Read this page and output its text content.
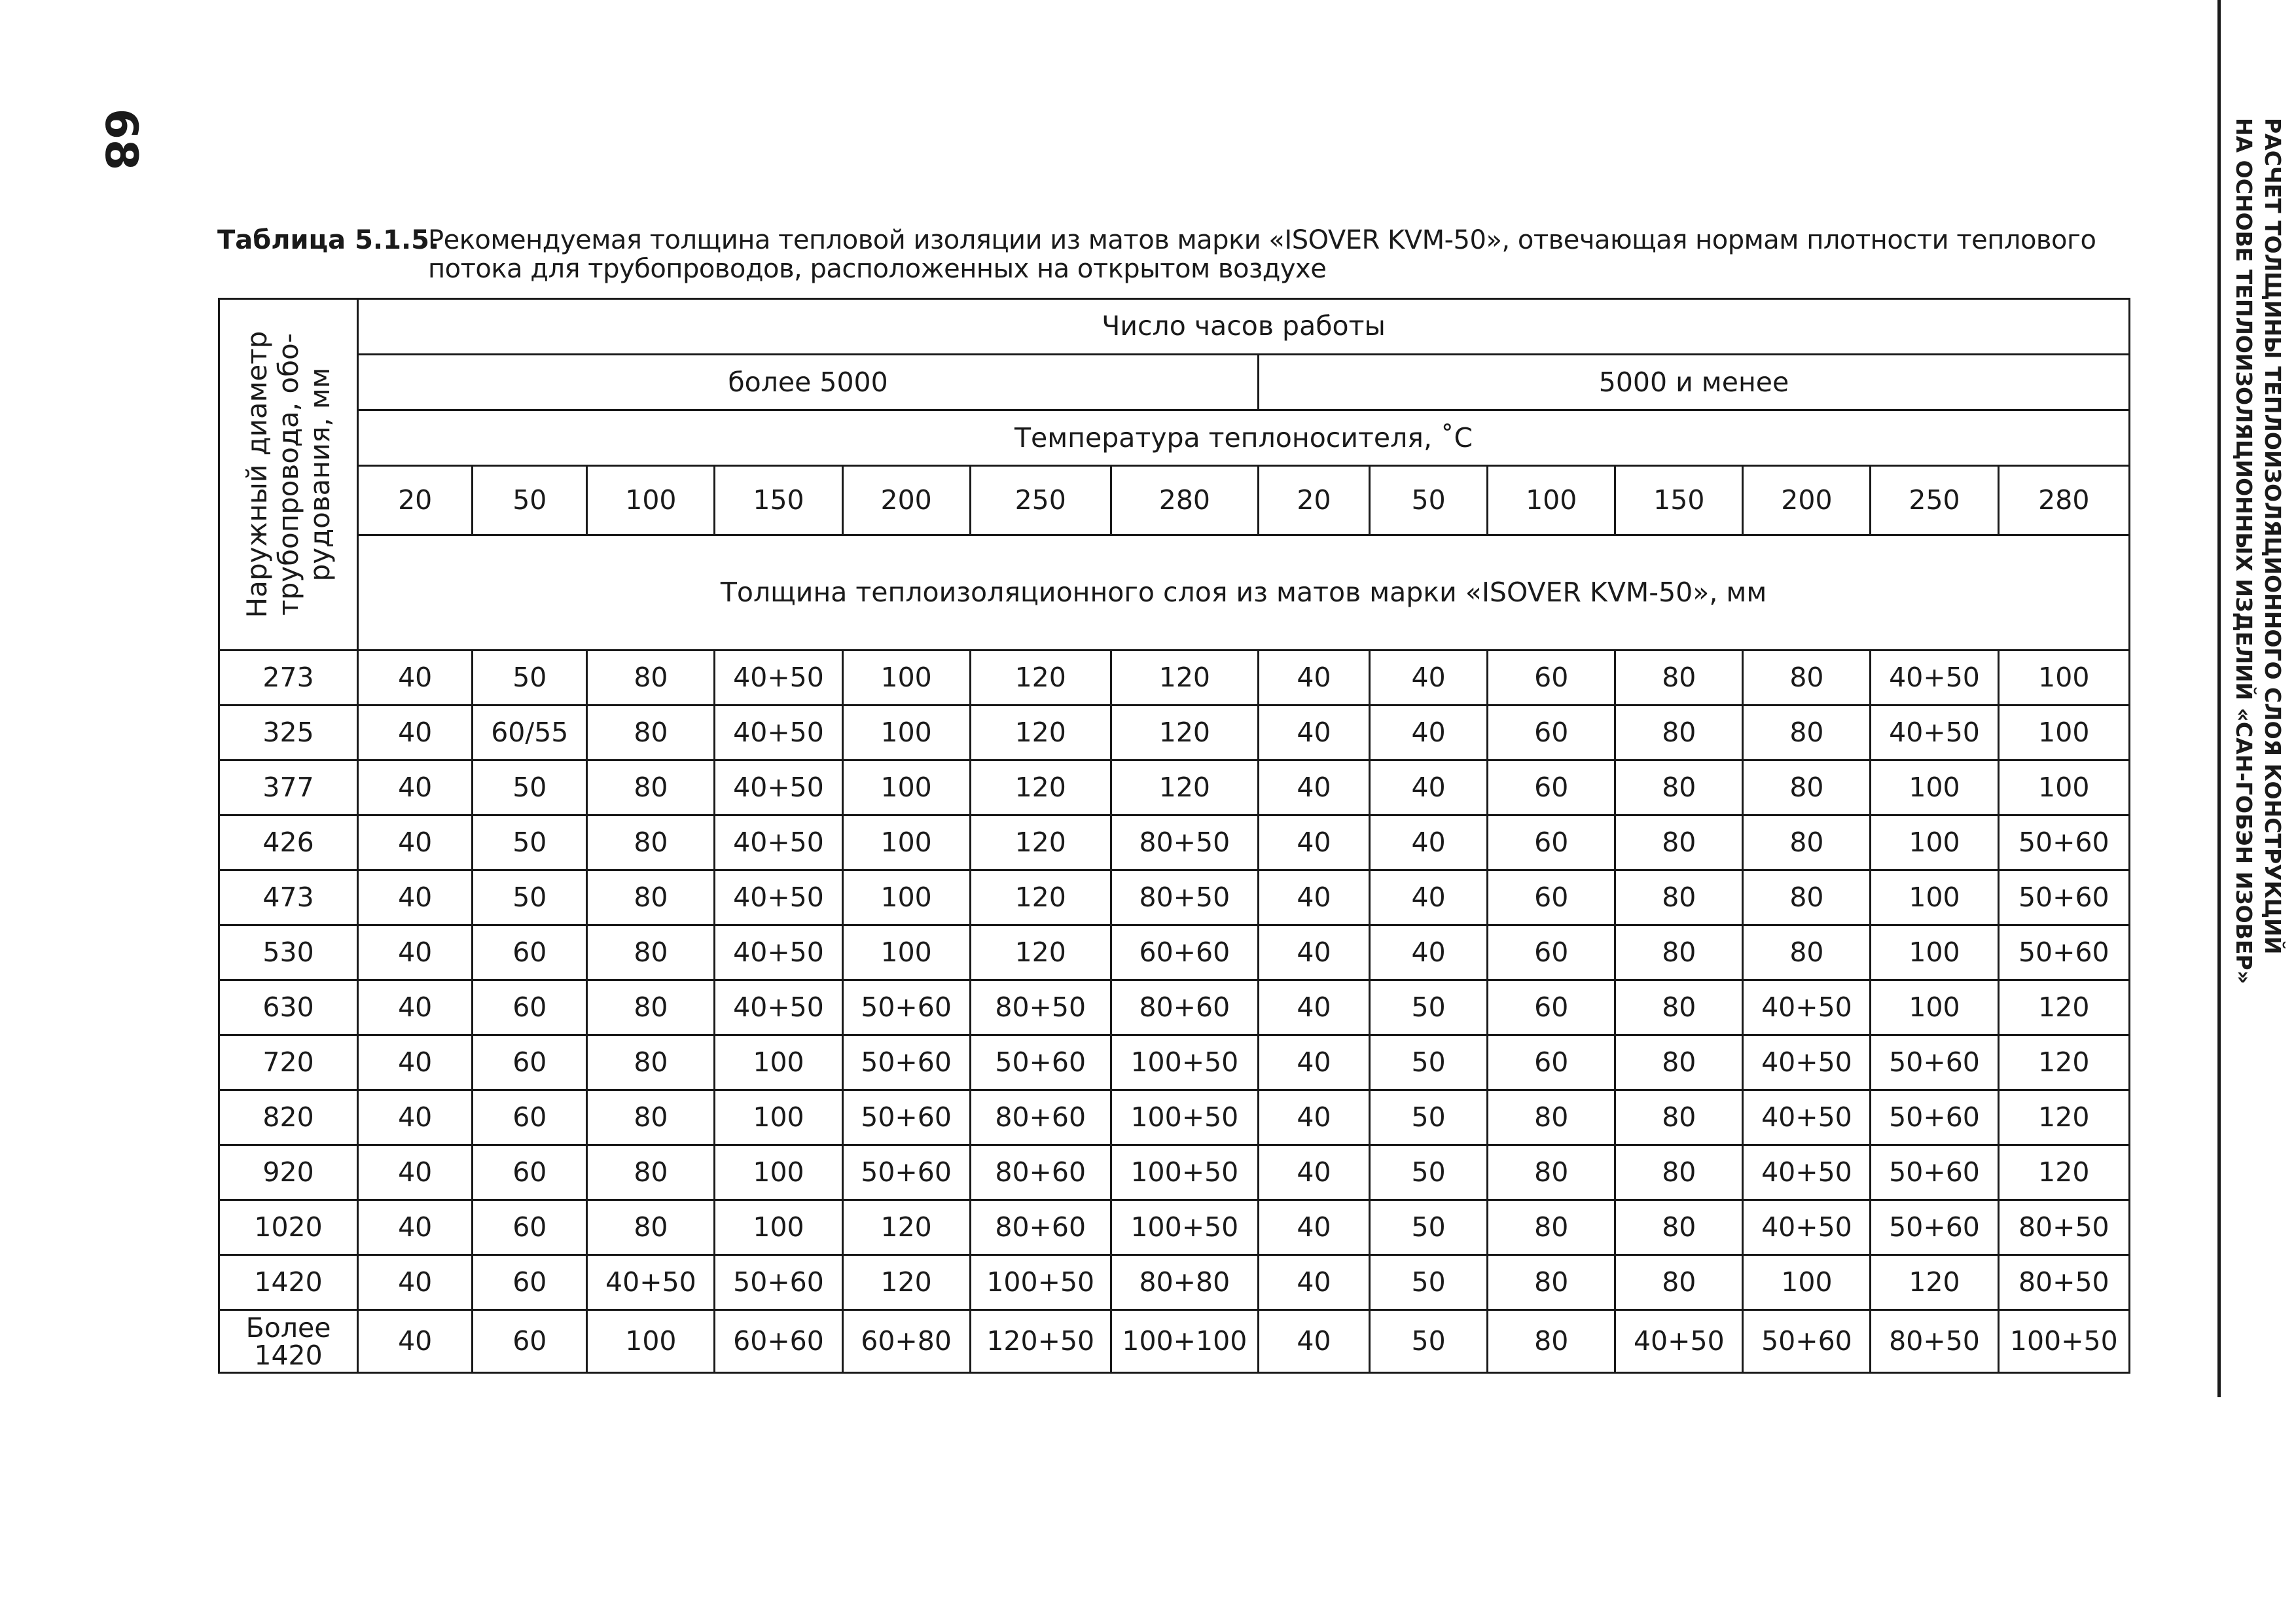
68	РАСЧЕТ ТОЛЩИНЫ ТЕПЛОИЗОЛЯЦИОННОГО СЛОЯ КОНСТРУКЦИЙ
НА ОСНОВЕ ТЕПЛОИЗОЛЯЦИОННЫХ ИЗДЕЛИЙ «САН-ГОБЭН ИЗОВЕР»
Таблица 5.1.5.
Рекомендуемая толщина тепловой изоляции из матов марки «ISOVER KVM-50», отвечающая нормам плотности теплового потока для трубопроводов, расположенных на открытом воздухе
Наружный диаметр трубопровода, обо-рудования, мм	Число часов работы													
	более 5000							5000 и менее						
	Температура теплоносителя, ˚С													
	20	50	100	150	200	250	280	20	50	100	150	200	250	280
	Толщина теплоизоляционного слоя из матов марки «ISOVER KVM-50», мм													
273	40	50	80	40+50	100	120	120	40	40	60	80	80	40+50	100
325	40	60/55	80	40+50	100	120	120	40	40	60	80	80	40+50	100
377	40	50	80	40+50	100	120	120	40	40	60	80	80	100	100
426	40	50	80	40+50	100	120	80+50	40	40	60	80	80	100	50+60
473	40	50	80	40+50	100	120	80+50	40	40	60	80	80	100	50+60
530	40	60	80	40+50	100	120	60+60	40	40	60	80	80	100	50+60
630	40	60	80	40+50	50+60	80+50	80+60	40	50	60	80	40+50	100	120
720	40	60	80	100	50+60	50+60	100+50	40	50	60	80	40+50	50+60	120
820	40	60	80	100	50+60	80+60	100+50	40	50	80	80	40+50	50+60	120
920	40	60	80	100	50+60	80+60	100+50	40	50	80	80	40+50	50+60	120
1020	40	60	80	100	120	80+60	100+50	40	50	80	80	40+50	50+60	80+50
1420	40	60	40+50	50+60	120	100+50	80+80	40	50	80	80	100	120	80+50
Более 1420	40	60	100	60+60	60+80	120+50	100+100	40	50	80	40+50	50+60	80+50	100+50
